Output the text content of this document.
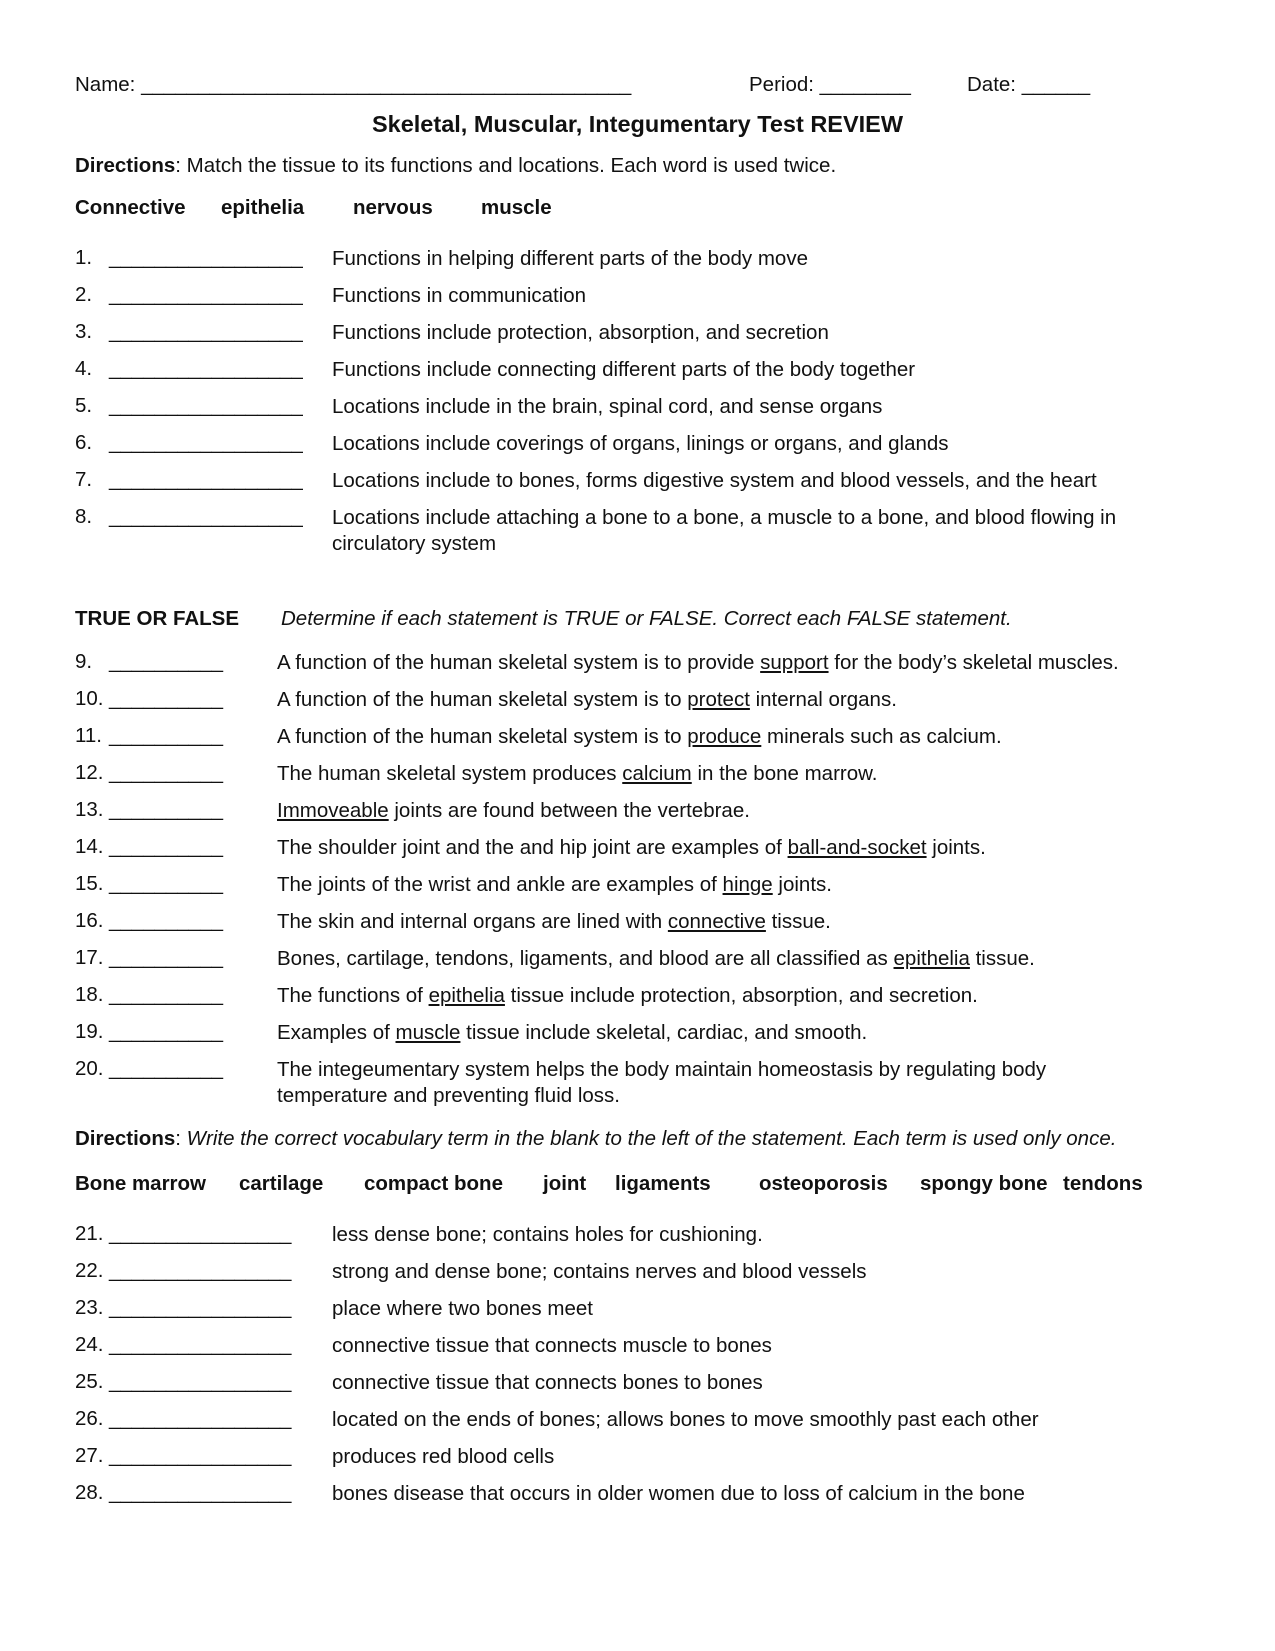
Name: ___________________________________________	Period: ________	Date: ______
Skeletal, Muscular, Integumentary Test REVIEW
Directions: Match the tissue to its functions and locations. Each word is used twice.
Connective epithelia nervous muscle
1. _________________ Functions in helping different parts of the body move
2. _________________ Functions in communication
3. _________________ Functions include protection, absorption, and secretion
4. _________________ Functions include connecting different parts of the body together
5. _________________ Locations include in the brain, spinal cord, and sense organs
6. _________________ Locations include coverings of organs, linings or organs, and glands
7. _________________ Locations include to bones, forms digestive system and blood vessels, and the heart
8. _________________ Locations include attaching a bone to a bone, a muscle to a bone, and blood flowing in circulatory system
TRUE OR FALSE Determine if each statement is TRUE or FALSE. Correct each FALSE statement.
9. __________	A function of the human skeletal system is to provide support for the body’s skeletal muscles.
10. __________	A function of the human skeletal system is to protect internal organs.
11. __________	A function of the human skeletal system is to produce minerals such as calcium.
12. __________	The human skeletal system produces calcium in the bone marrow.
13. __________	Immoveable joints are found between the vertebrae.
14. __________	The shoulder joint and the and hip joint are examples of ball-and-socket joints.
15. __________	The joints of the wrist and ankle are examples of hinge joints.
16. __________	The skin and internal organs are lined with connective tissue.
17. __________	Bones, cartilage, tendons, ligaments, and blood are all classified as epithelia tissue.
18. __________	The functions of epithelia tissue include protection, absorption, and secretion.
19. __________	Examples of muscle tissue include skeletal, cardiac, and smooth.
20. __________	The integeumentary system helps the body maintain homeostasis by regulating body temperature and preventing fluid loss.
Directions: Write the correct vocabulary term in the blank to the left of the statement. Each term is used only once.
Bone marrow cartilage compact bone joint ligaments osteoporosis spongy bone tendons
21. ________________ less dense bone; contains holes for cushioning.
22. ________________ strong and dense bone; contains nerves and blood vessels
23. ________________ place where two bones meet
24. ________________ connective tissue that connects muscle to bones
25. ________________ connective tissue that connects bones to bones
26. ________________ located on the ends of bones; allows bones to move smoothly past each other
27. ________________ produces red blood cells
28. ________________ bones disease that occurs in older women due to loss of calcium in the bone
